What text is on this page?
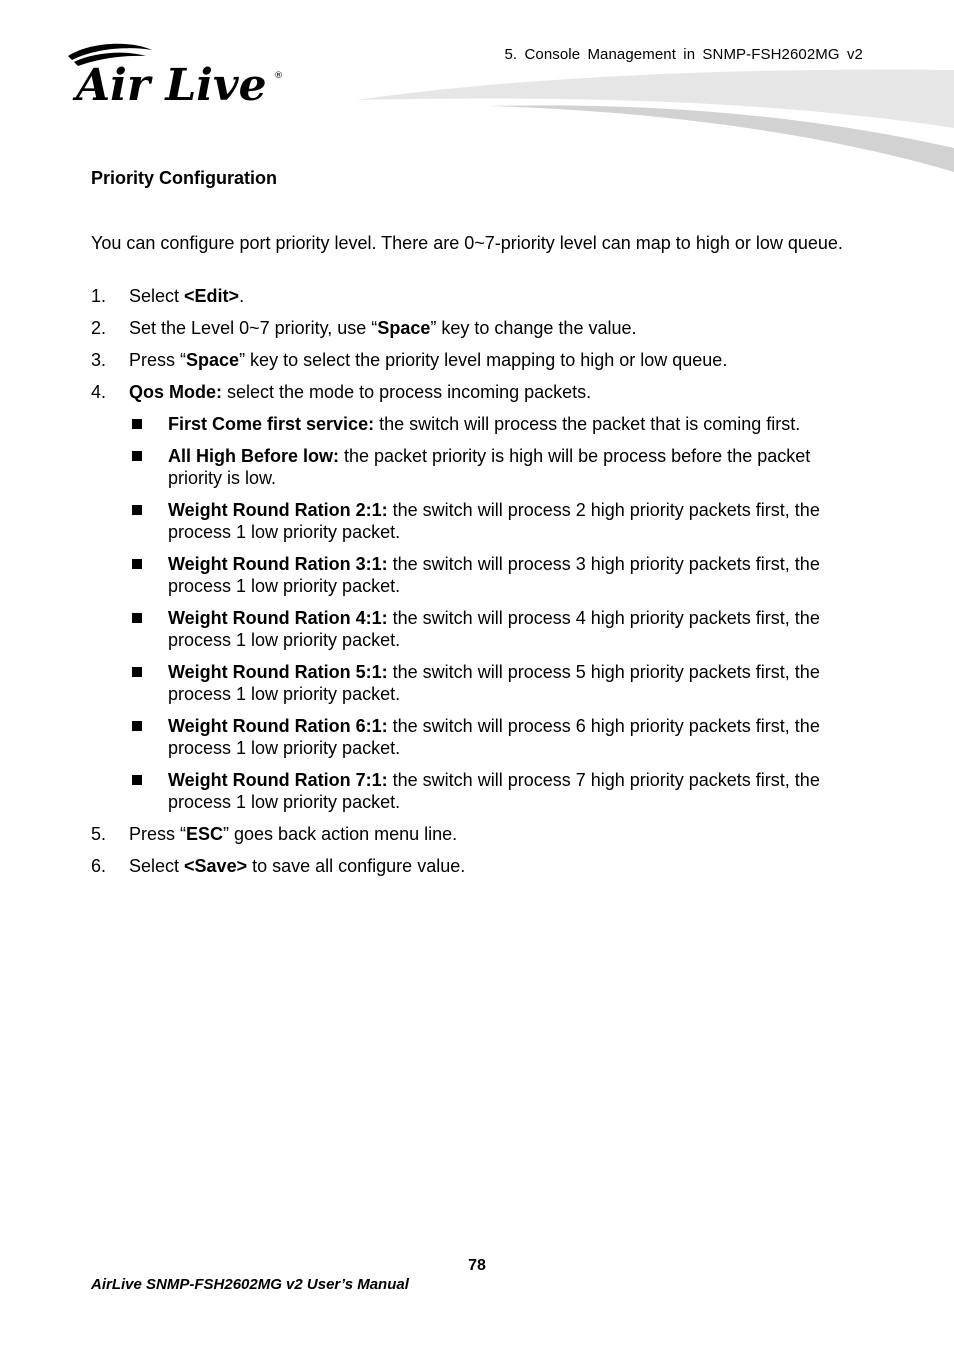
Air Live ®
5. Console Management in SNMP-FSH2602MG v2
Priority Configuration

You can configure port priority level. There are 0~7-priority level can map to high or low queue.

1.	Select <Edit>.
2.	Set the Level 0~7 priority, use “Space” key to change the value.
3.	Press “Space” key to select the priority level mapping to high or low queue.
4.	Qos Mode: select the mode to process incoming packets.
First Come first service: the switch will process the packet that is coming first.
All High Before low: the packet priority is high will be process before the packet priority is low.
Weight Round Ration 2:1: the switch will process 2 high priority packets first, the process 1 low priority packet.
Weight Round Ration 3:1: the switch will process 3 high priority packets first, the process 1 low priority packet.
Weight Round Ration 4:1: the switch will process 4 high priority packets first, the process 1 low priority packet.
Weight Round Ration 5:1: the switch will process 5 high priority packets first, the process 1 low priority packet.
Weight Round Ration 6:1: the switch will process 6 high priority packets first, the process 1 low priority packet.
Weight Round Ration 7:1: the switch will process 7 high priority packets first, the process 1 low priority packet.
5.	Press “ESC” goes back action menu line.
6.	Select <Save> to save all configure value.
78
AirLive SNMP-FSH2602MG v2 User’s Manual
